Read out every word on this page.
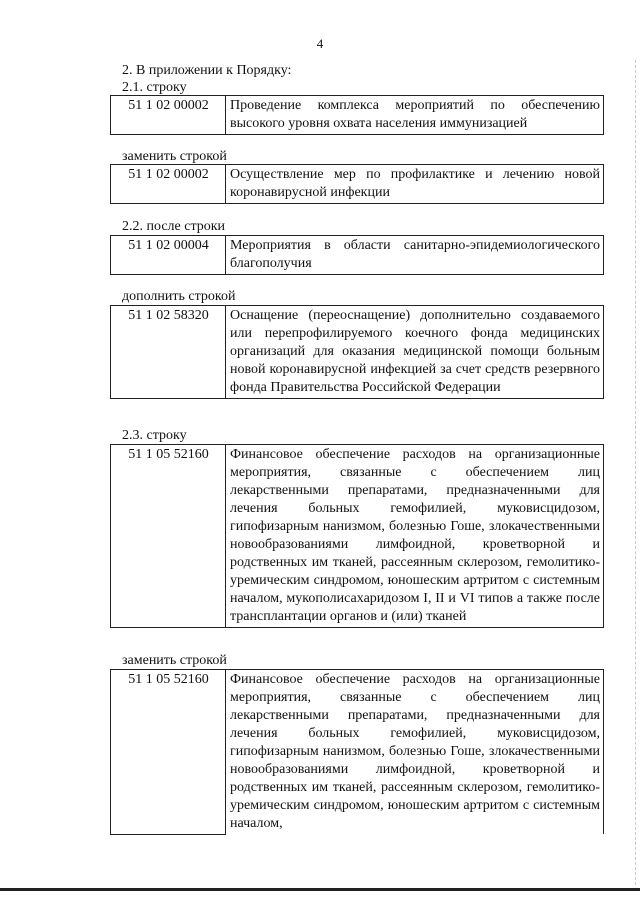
4
2. В приложении к Порядку:
2.1. строку
51 1 02 00002	Проведение комплекса мероприятий по обеспечению высокого уровня охвата населения иммунизацией
заменить строкой
51 1 02 00002	Осуществление мер по профилактике и лечению новой коронавирусной инфекции
2.2. после строки
51 1 02 00004	Мероприятия в области санитарно-эпидемиологического благополучия
дополнить строкой
51 1 02 58320	Оснащение (переоснащение) дополнительно создаваемого или перепрофилируемого коечного фонда медицинских организаций для оказания медицинской помощи больным новой коронавирусной инфекцией за счет средств резервного фонда Правительства Российской Федерации
2.3. строку
51 1 05 52160	Финансовое обеспечение расходов на организационные мероприятия, связанные с обеспечением лиц лекарственными препаратами, предназначенными для лечения больных гемофилией, муковисцидозом, гипофизарным нанизмом, болезнью Гоше, злокачественными новообразованиями лимфоидной, кроветворной и родственных им тканей, рассеянным склерозом, гемолитико-уремическим синдромом, юношеским артритом с системным началом, мукополисахаридозом I, II и VI типов а также после трансплантации органов и (или) тканей
заменить строкой
51 1 05 52160	Финансовое обеспечение расходов на организационные мероприятия, связанные с обеспечением лиц лекарственными препаратами, предназначенными для лечения больных гемофилией, муковисцидозом, гипофизарным нанизмом, болезнью Гоше, злокачественными новообразованиями лимфоидной, кроветворной и родственных им тканей, рассеянным склерозом, гемолитико-уремическим синдромом, юношеским артритом с системным началом,
